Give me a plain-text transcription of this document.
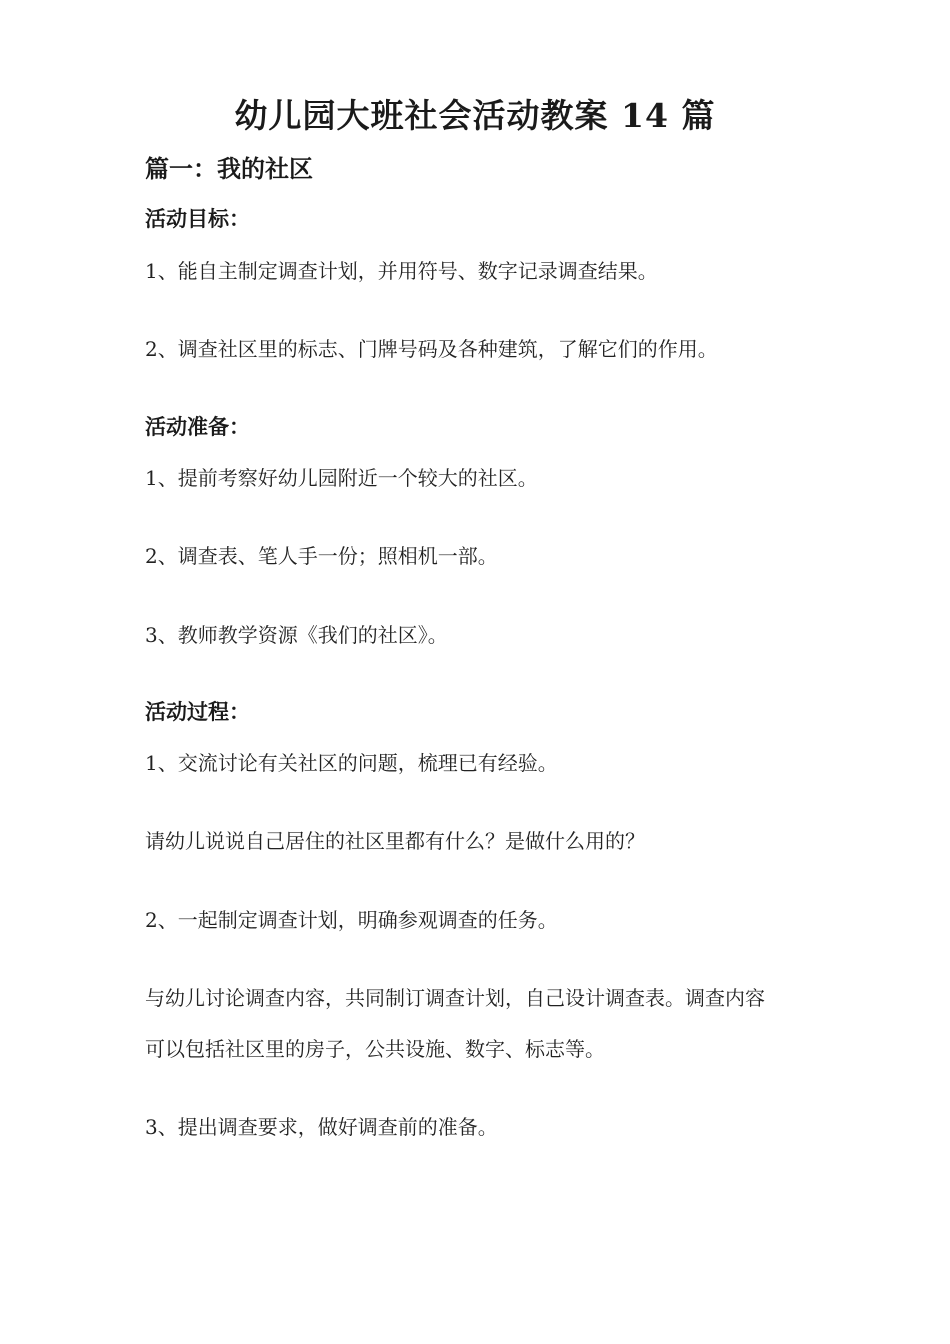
幼儿园大班社会活动教案 14 篇
篇一：我的社区
活动目标：
1、能自主制定调查计划，并用符号、数字记录调查结果。
2、调查社区里的标志、门牌号码及各种建筑，了解它们的作用。
活动准备：
1、提前考察好幼儿园附近一个较大的社区。
2、调查表、笔人手一份；照相机一部。
3、教师教学资源《我们的社区》。
活动过程：
1、交流讨论有关社区的问题，梳理已有经验。
请幼儿说说自己居住的社区里都有什么？是做什么用的？
2、一起制定调查计划，明确参观调查的任务。
与幼儿讨论调查内容，共同制订调查计划，自己设计调查表。调查内容
可以包括社区里的房子，公共设施、数字、标志等。
3、提出调查要求，做好调查前的准备。
